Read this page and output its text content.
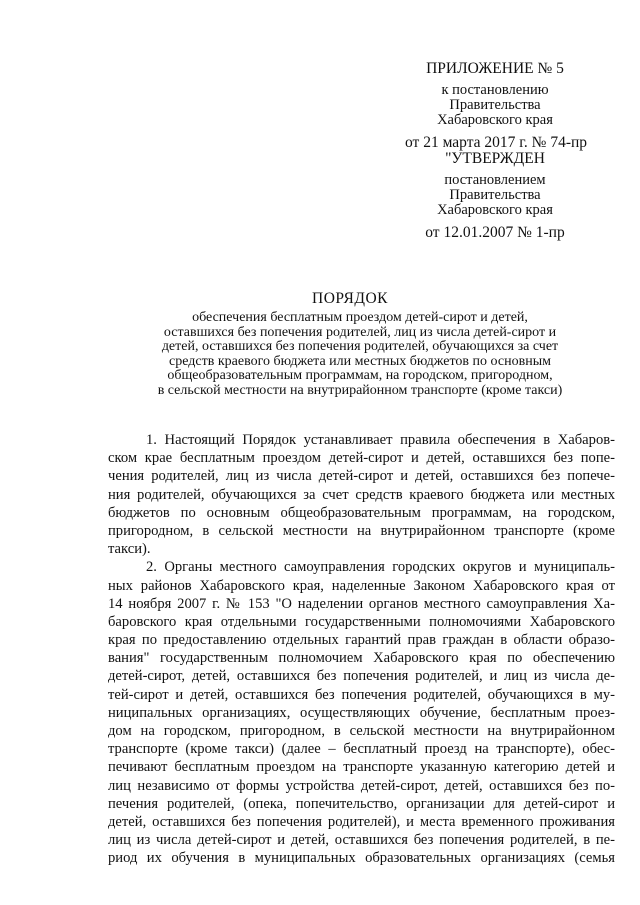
ПРИЛОЖЕНИЕ № 5
к постановлению
Правительства
Хабаровского края
от 21 марта 2017 г. № 74-пр
"УТВЕРЖДЕН
постановлением
Правительства
Хабаровского края
от 12.01.2007 № 1-пр
ПОРЯДОК
обеспечения бесплатным проездом детей-сирот и детей,
оставшихся без попечения родителей, лиц из числа детей-сирот и
детей, оставшихся без попечения родителей, обучающихся за счет
средств краевого бюджета или местных бюджетов по основным
общеобразовательным программам, на городском, пригородном,
в сельской местности на внутрирайонном транспорте (кроме такси)
1. Настоящий Порядок устанавливает правила обеспечения в Хабаров-
ском крае бесплатным проездом детей-сирот и детей, оставшихся без попе-
чения родителей, лиц из числа детей-сирот и детей, оставшихся без попече-
ния родителей, обучающихся за счет средств краевого бюджета или местных
бюджетов по основным общеобразовательным программам, на городском,
пригородном, в сельской местности на внутрирайонном транспорте (кроме
такси).
2. Органы местного самоуправления городских округов и муниципаль-
ных районов Хабаровского края, наделенные Законом Хабаровского края от
14 ноября 2007 г. № 153 "О наделении органов местного самоуправления Ха-
баровского края отдельными государственными полномочиями Хабаровского
края по предоставлению отдельных гарантий прав граждан в области образо-
вания" государственным полномочием Хабаровского края по обеспечению
детей-сирот, детей, оставшихся без попечения родителей, и лиц из числа де-
тей-сирот и детей, оставшихся без попечения родителей, обучающихся в му-
ниципальных организациях, осуществляющих обучение, бесплатным проез-
дом на городском, пригородном, в сельской местности на внутрирайонном
транспорте (кроме такси) (далее – бесплатный проезд на транспорте), обес-
печивают бесплатным проездом на транспорте указанную категорию детей и
лиц независимо от формы устройства детей-сирот, детей, оставшихся без по-
печения родителей, (опека, попечительство, организации для детей-сирот и
детей, оставшихся без попечения родителей), и места временного проживания
лиц из числа детей-сирот и детей, оставшихся без попечения родителей, в пе-
риод их обучения в муниципальных образовательных организациях (семья
